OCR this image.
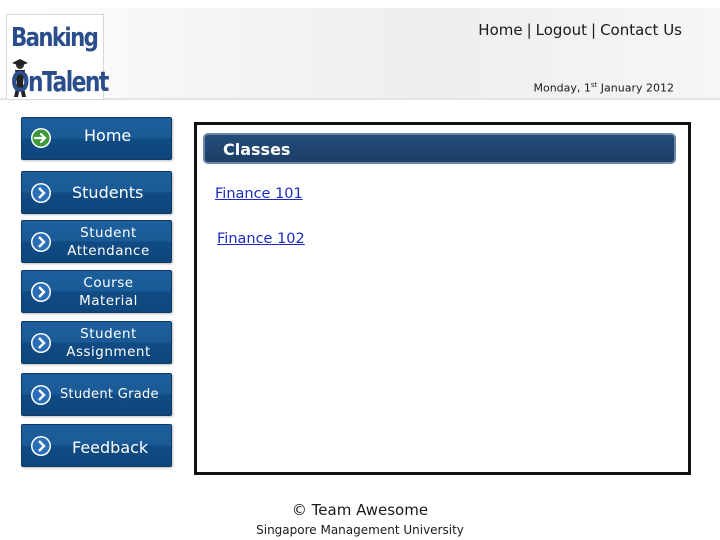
Banking
OnTalent
Home | Logout | Contact Us
Monday, 1st January 2012
Home
Students
Student Attendance
Course Material
Student Assignment
Student Grade
Feedback
Classes
Finance 101
Finance 102
© Team Awesome
Singapore Management University
